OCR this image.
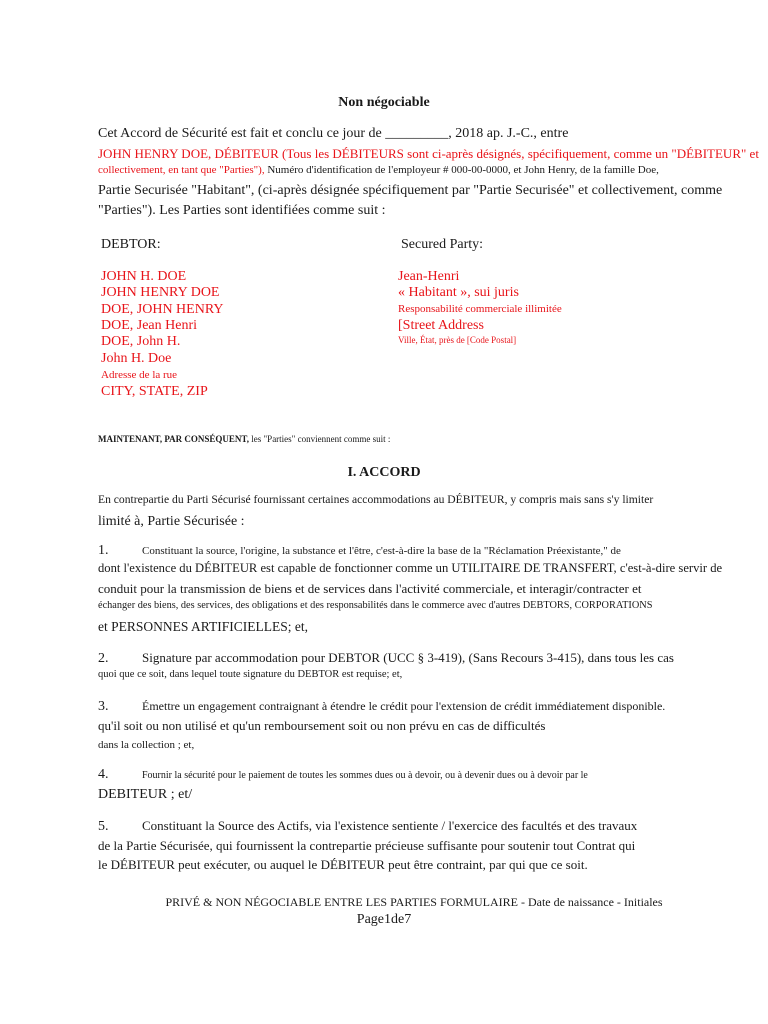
Non négociable
Cet Accord de Sécurité est fait et conclu ce jour de _________, 2018 ap. J.-C., entre
JOHN HENRY DOE, DÉBITEUR (Tous les DÉBITEURS sont ci-après désignés, spécifiquement, comme un "DÉBITEUR" et
collectivement, en tant que "Parties"), Numéro d'identification de l'employeur # 000-00-0000, et John Henry, de la famille Doe,
Partie Securisée "Habitant", (ci-après désignée spécifiquement par "Partie Securisée" et collectivement, comme
"Parties"). Les Parties sont identifiées comme suit :
DEBTOR:
JOHN H. DOE
JOHN HENRY DOE
DOE, JOHN HENRY
DOE, Jean Henri
DOE, John H.
John H. Doe
Adresse de la rue
CITY, STATE, ZIP
Secured Party:
Jean-Henri
« Habitant », sui juris
Responsabilité commerciale illimitée
[Street Address
Ville, État, près de [Code Postal]
MAINTENANT, PAR CONSÉQUENT, les "Parties" conviennent comme suit :
I. ACCORD
En contrepartie du Parti Sécurisé fournissant certaines accommodations au DÉBITEUR, y compris mais sans s'y limiter
limité à, Partie Sécurisée :
1.	Constituant la source, l'origine, la substance et l'être, c'est-à-dire la base de la "Réclamation Préexistante," de
dont l'existence du DÉBITEUR est capable de fonctionner comme un UTILITAIRE DE TRANSFERT, c'est-à-dire servir de
conduit pour la transmission de biens et de services dans l'activité commerciale, et interagir/contracter et
échanger des biens, des services, des obligations et des responsabilités dans le commerce avec d'autres DEBTORS, CORPORATIONS
et PERSONNES ARTIFICIELLES; et,
2.	Signature par accommodation pour DEBTOR (UCC § 3-419), (Sans Recours 3-415), dans tous les cas
quoi que ce soit, dans lequel toute signature du DEBTOR est requise; et,
3.	Émettre un engagement contraignant à étendre le crédit pour l'extension de crédit immédiatement disponible.
qu'il soit ou non utilisé et qu'un remboursement soit ou non prévu en cas de difficultés
dans la collection ; et,
4.	Fournir la sécurité pour le paiement de toutes les sommes dues ou à devoir, ou à devenir dues ou à devoir par le
DEBITEUR ; et/
5.	Constituant la Source des Actifs, via l'existence sentiente / l'exercice des facultés et des travaux
de la Partie Sécurisée, qui fournissent la contrepartie précieuse suffisante pour soutenir tout Contrat qui
le DÉBITEUR peut exécuter, ou auquel le DÉBITEUR peut être contraint, par qui que ce soit.
PRIVÉ & NON NÉGOCIABLE ENTRE LES PARTIES FORMULAIRE - Date de naissance - Initiales
Page1de7
